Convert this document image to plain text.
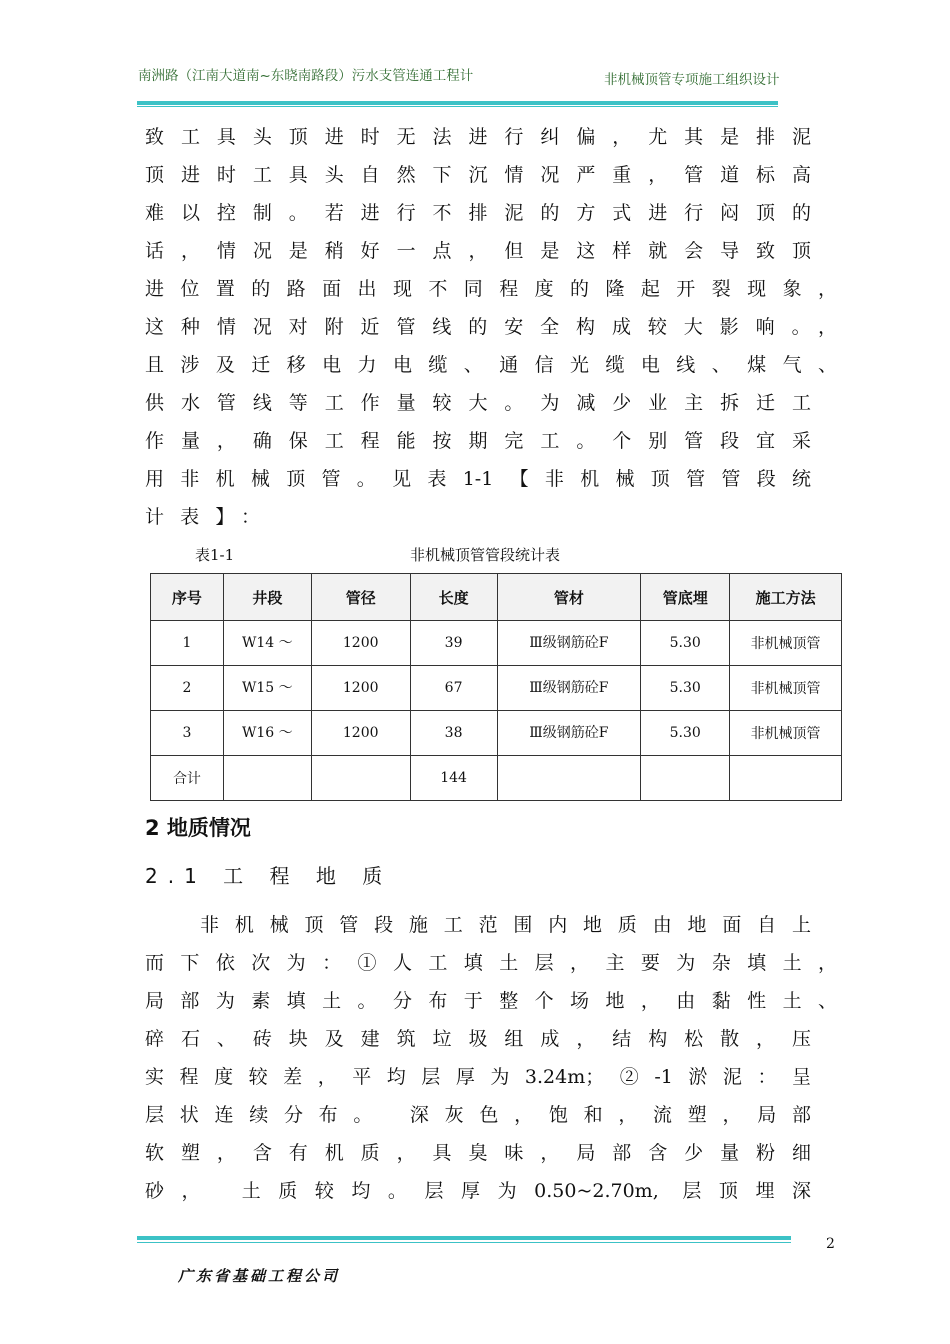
南洲路（江南大道南~东晓南路段）污水支管连通工程计	非机械顶管专项施工组织设计
致工具头顶进时无法进行纠偏，尤其是排泥
顶进时工具头自然下沉情况严重，管道标高
难以控制。若进行不排泥的方式进行闷顶的
话，情况是稍好一点，但是这样就会导致顶
进位置的路面出现不同程度的隆起开裂现象，
这种情况对附近管线的安全构成较大影响。，
且涉及迁移电力电缆、通信光缆电线、煤气、
供水管线等工作量较大。为减少业主拆迁工
作量，确保工程能按期完工。个别管段宜采
用非机械顶管。见表1-1【非机械顶管管段统
计表】：
表1-1	非机械顶管管段统计表
序号	井段	管径	长度	管材	管底埋	施工方法
1	W14 ～	1200	39	Ⅲ级钢筋砼F	5.30	非机械顶管
2	W15 ～	1200	67	Ⅲ级钢筋砼F	5.30	非机械顶管
3	W16 ～	1200	38	Ⅲ级钢筋砼F	5.30	非机械顶管
合计			144			
2 地质情况
2.1 工 程 地 质
非机械顶管段施工范围内地质由地面自上
而下依次为：①人工填土层，主要为杂填土，
局部为素填土。分布于整个场地，由黏性土、
碎石、砖块及建筑垃圾组成，结构松散，压
实程度较差，平均层厚为3.24m；②-1淤泥：呈
层状连续分布。 深灰色，饱和，流塑，局部
软塑，含有机质，具臭味，局部含少量粉细
砂， 土质较均。层厚为0.50~2.70m, 层顶埋深
2
广东省基础工程公司
